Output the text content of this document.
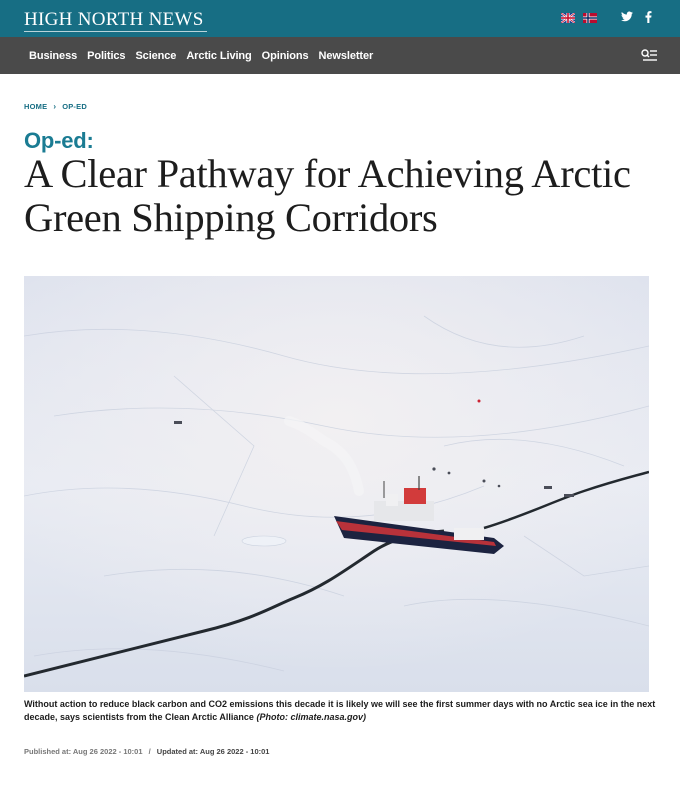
HIGH NORTH NEWS
Business Politics Science Arctic Living Opinions Newsletter
HOME › OP-ED
Op-ed:
A Clear Pathway for Achieving Arctic Green Shipping Corridors

Without action to reduce black carbon and CO2 emissions this decade it is likely we will see the first summer days with no Arctic sea ice in the next decade, says scientists from the Clean Arctic Alliance (Photo: climate.nasa.gov)

Published at: Aug 26 2022 - 10:01 / Updated at: Aug 26 2022 - 10:01
